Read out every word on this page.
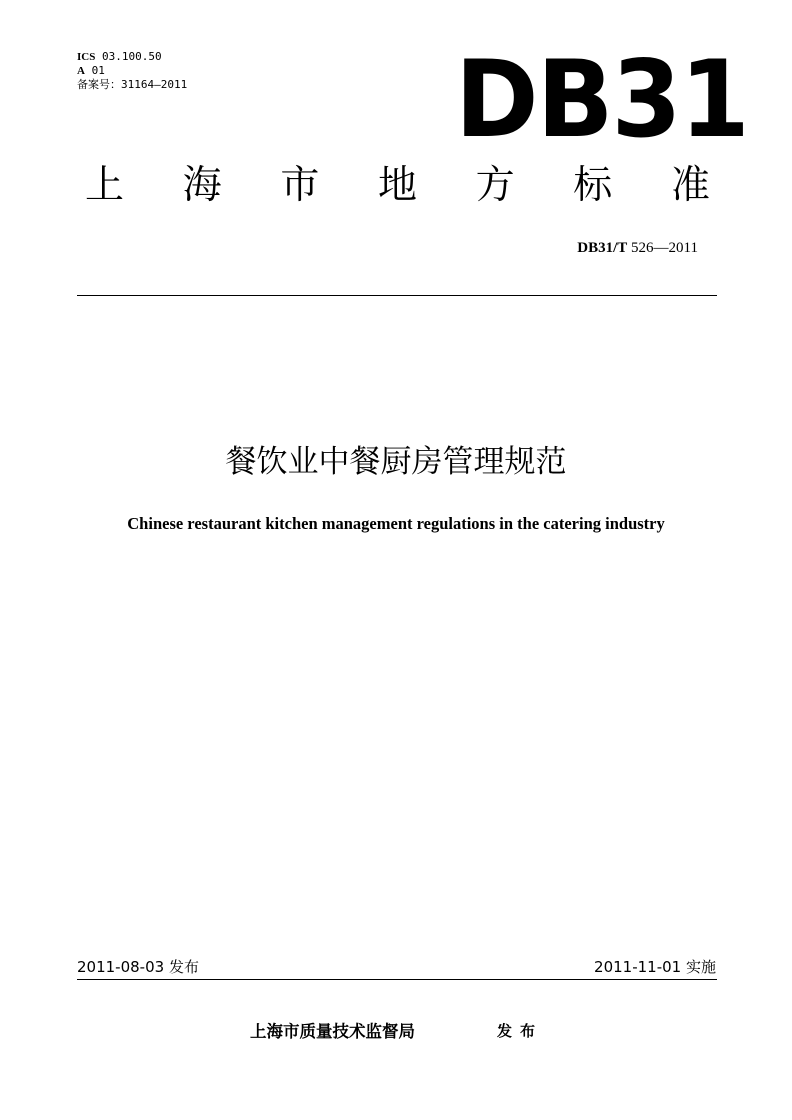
ICS 03.100.50
A 01
备案号：31164—2011	DB31
上 海 市 地 方 标 准
DB31/T 526—2011
餐饮业中餐厨房管理规范
Chinese restaurant kitchen management regulations in the catering industry
2011-08-03 发布	2011-11-01 实施
上海市质量技术监督局	发布
